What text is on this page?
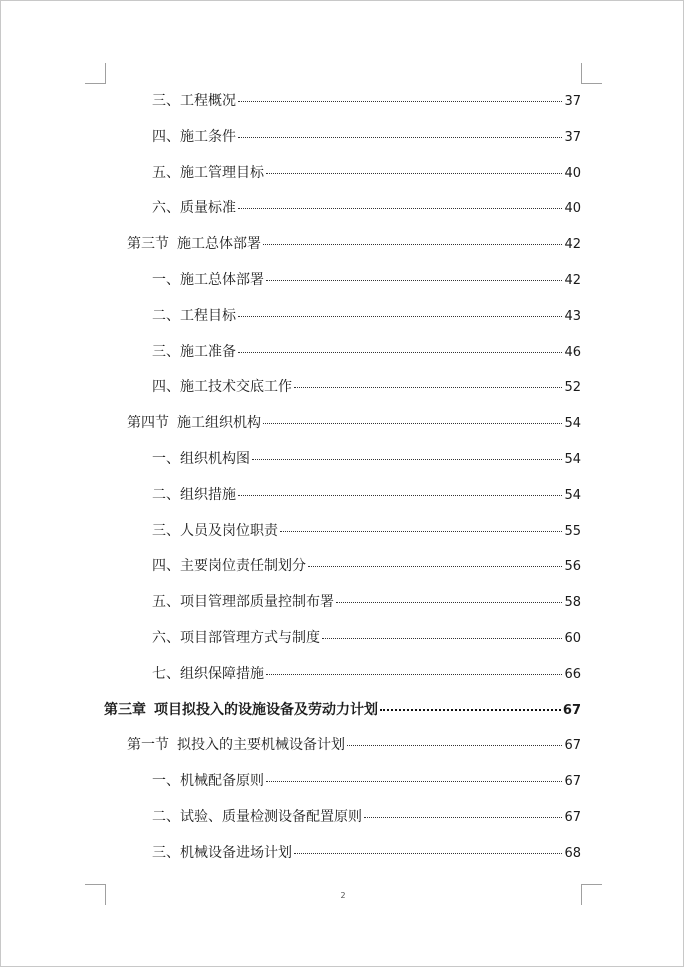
三、工程概况	37
四、施工条件	37
五、施工管理目标	40
六、质量标准	40
第三节 施工总体部署	42
一、施工总体部署	42
二、工程目标	43
三、施工准备	46
四、施工技术交底工作	52
第四节 施工组织机构	54
一、组织机构图	54
二、组织措施	54
三、人员及岗位职责	55
四、主要岗位责任制划分	56
五、项目管理部质量控制布署	58
六、项目部管理方式与制度	60
七、组织保障措施	66
第三章 项目拟投入的设施设备及劳动力计划	67
第一节 拟投入的主要机械设备计划	67
一、机械配备原则	67
二、试验、质量检测设备配置原则	67
三、机械设备进场计划	68
2
